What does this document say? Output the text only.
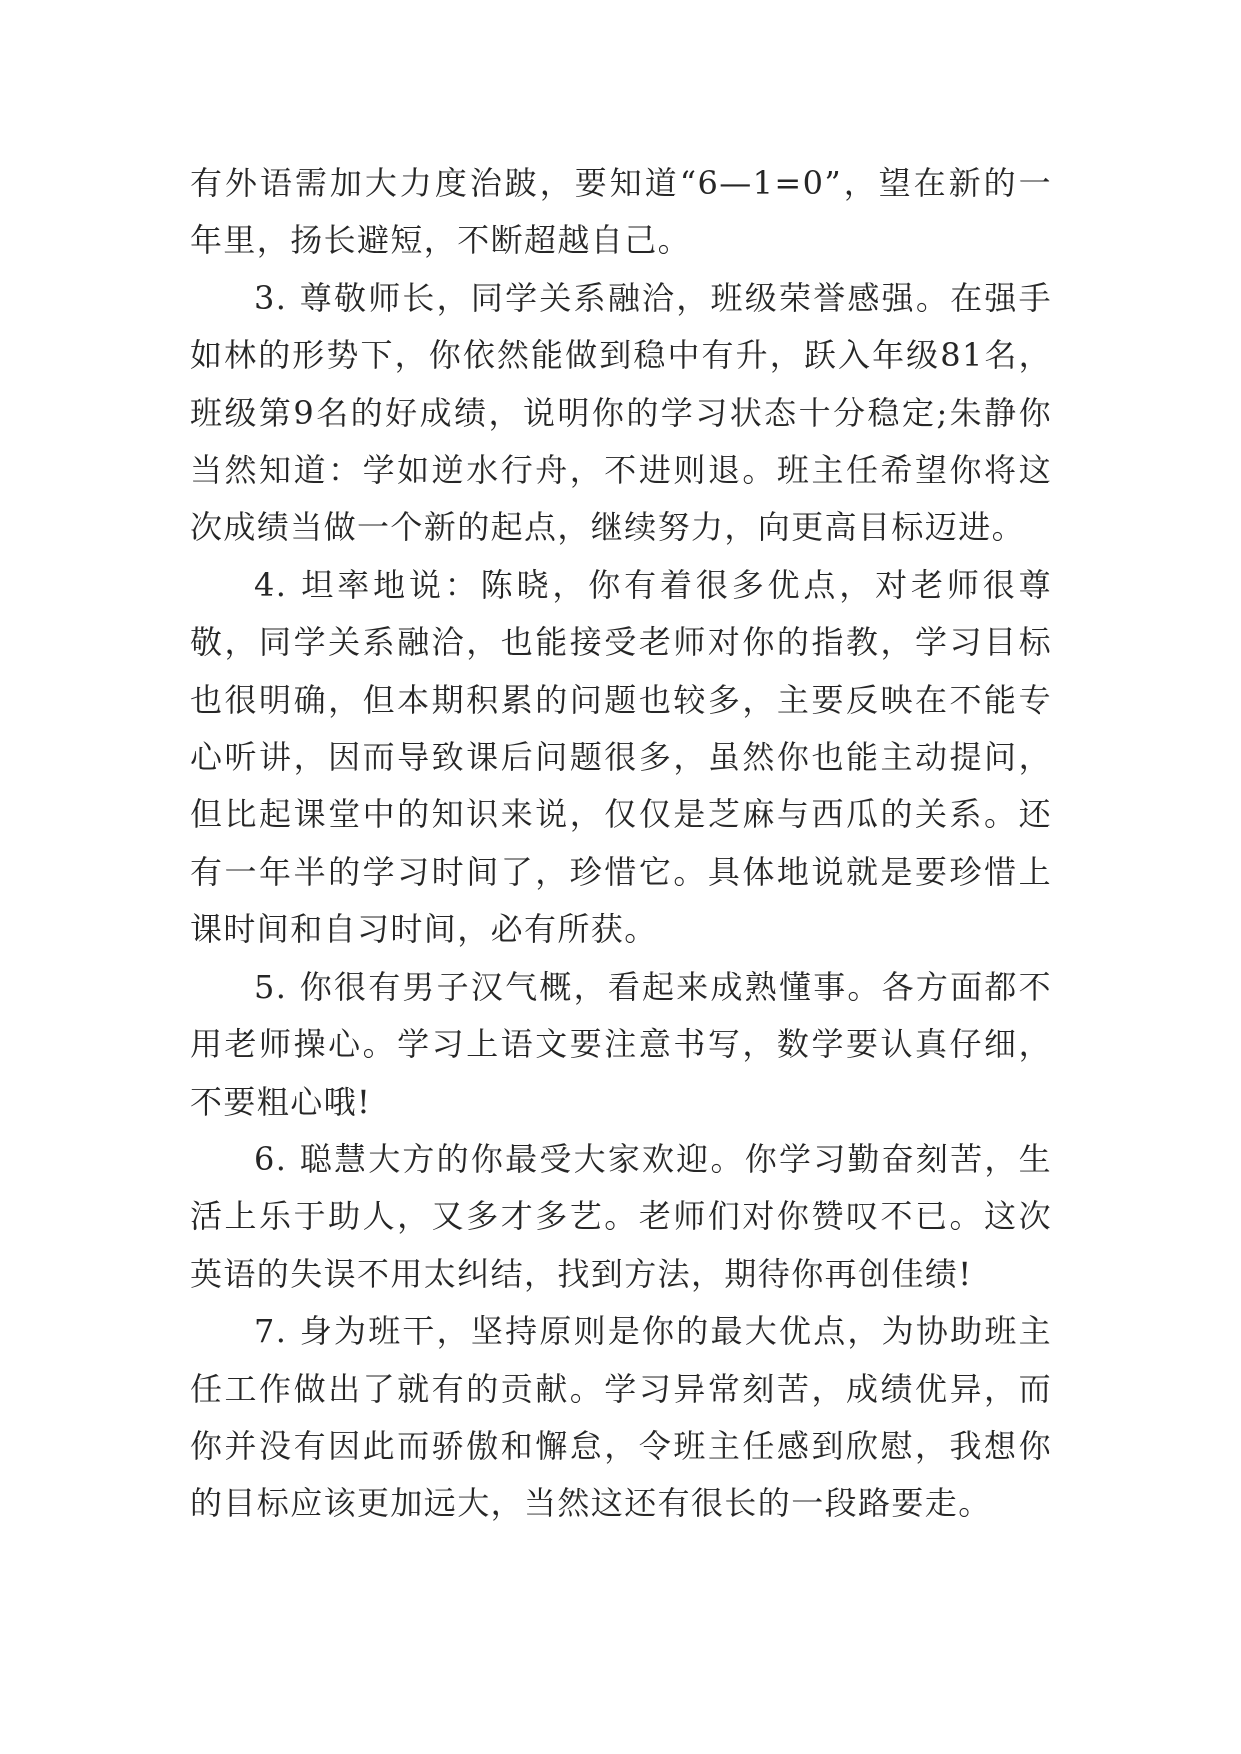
有外语需加大力度治跛，要知道“6—1=0”，望在新的一年里，扬长避短，不断超越自己。

3. 尊敬师长，同学关系融洽，班级荣誉感强。在强手如林的形势下，你依然能做到稳中有升，跃入年级81名，班级第9名的好成绩，说明你的学习状态十分稳定;朱静你当然知道：学如逆水行舟，不进则退。班主任希望你将这次成绩当做一个新的起点，继续努力，向更高目标迈进。

4. 坦率地说：陈晓，你有着很多优点，对老师很尊敬，同学关系融洽，也能接受老师对你的指教，学习目标也很明确，但本期积累的问题也较多，主要反映在不能专心听讲，因而导致课后问题很多，虽然你也能主动提问，但比起课堂中的知识来说，仅仅是芝麻与西瓜的关系。还有一年半的学习时间了，珍惜它。具体地说就是要珍惜上课时间和自习时间，必有所获。

5. 你很有男子汉气概，看起来成熟懂事。各方面都不用老师操心。学习上语文要注意书写，数学要认真仔细，不要粗心哦!

6. 聪慧大方的你最受大家欢迎。你学习勤奋刻苦，生活上乐于助人，又多才多艺。老师们对你赞叹不已。这次英语的失误不用太纠结，找到方法，期待你再创佳绩!

7. 身为班干，坚持原则是你的最大优点，为协助班主任工作做出了就有的贡献。学习异常刻苦，成绩优异，而你并没有因此而骄傲和懈怠，令班主任感到欣慰，我想你的目标应该更加远大，当然这还有很长的一段路要走。
